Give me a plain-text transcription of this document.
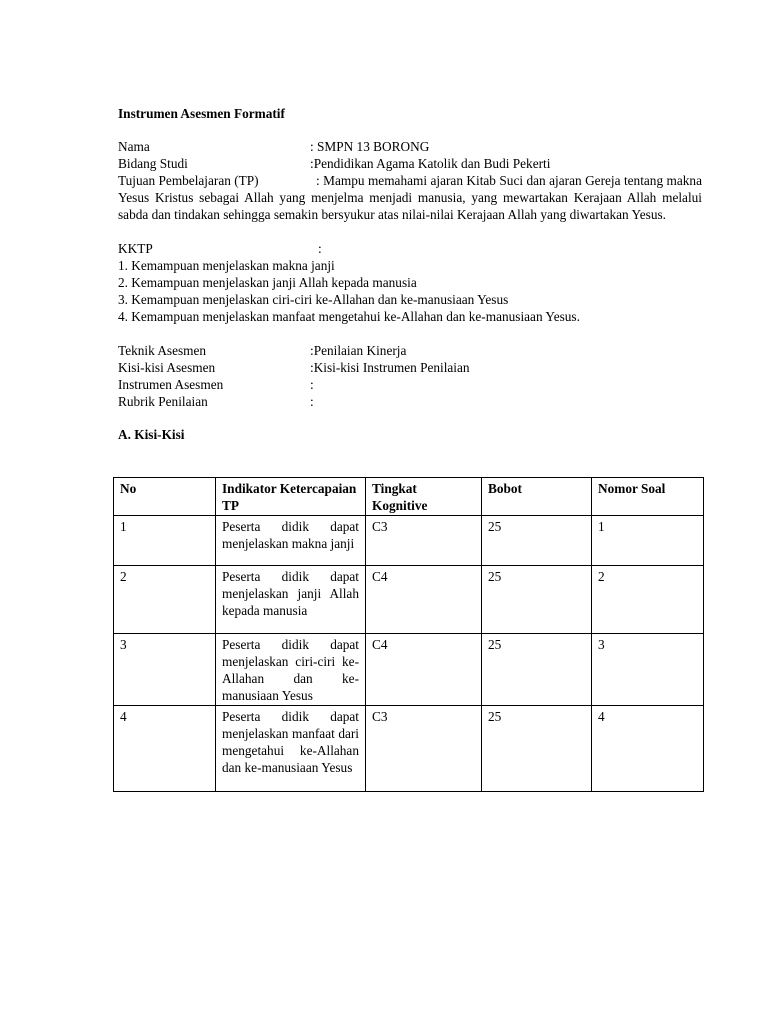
Instrumen Asesmen Formatif
Nama	: SMPN 13 BORONG
Bidang Studi	:Pendidikan Agama Katolik dan Budi Pekerti
Tujuan Pembelajaran (TP)	: Mampu memahami ajaran Kitab Suci dan ajaran Gereja tentang makna Yesus Kristus sebagai Allah yang menjelma menjadi manusia, yang mewartakan Kerajaan Allah melalui sabda dan tindakan sehingga semakin bersyukur atas nilai-nilai Kerajaan Allah yang diwartakan Yesus.
KKTP	:
1. Kemampuan menjelaskan makna janji
2. Kemampuan menjelaskan janji Allah kepada manusia
3. Kemampuan menjelaskan ciri-ciri ke-Allahan dan ke-manusiaan Yesus
4. Kemampuan menjelaskan manfaat mengetahui ke-Allahan dan ke-manusiaan Yesus.
Teknik Asesmen	:Penilaian Kinerja
Kisi-kisi Asesmen	:Kisi-kisi Instrumen Penilaian
Instrumen Asesmen	:
Rubrik Penilaian	:
A. Kisi-Kisi
No	Indikator Ketercapaian TP	Tingkat Kognitive	Bobot	Nomor Soal
1	Peserta didik dapat menjelaskan makna janji	C3	25	1
2	Peserta didik dapat menjelaskan janji Allah kepada manusia	C4	25	2
3	Peserta didik dapat menjelaskan ciri-ciri ke-Allahan dan ke-manusiaan Yesus	C4	25	3
4	Peserta didik dapat menjelaskan manfaat dari mengetahui ke-Allahan dan ke-manusiaan Yesus	C3	25	4
